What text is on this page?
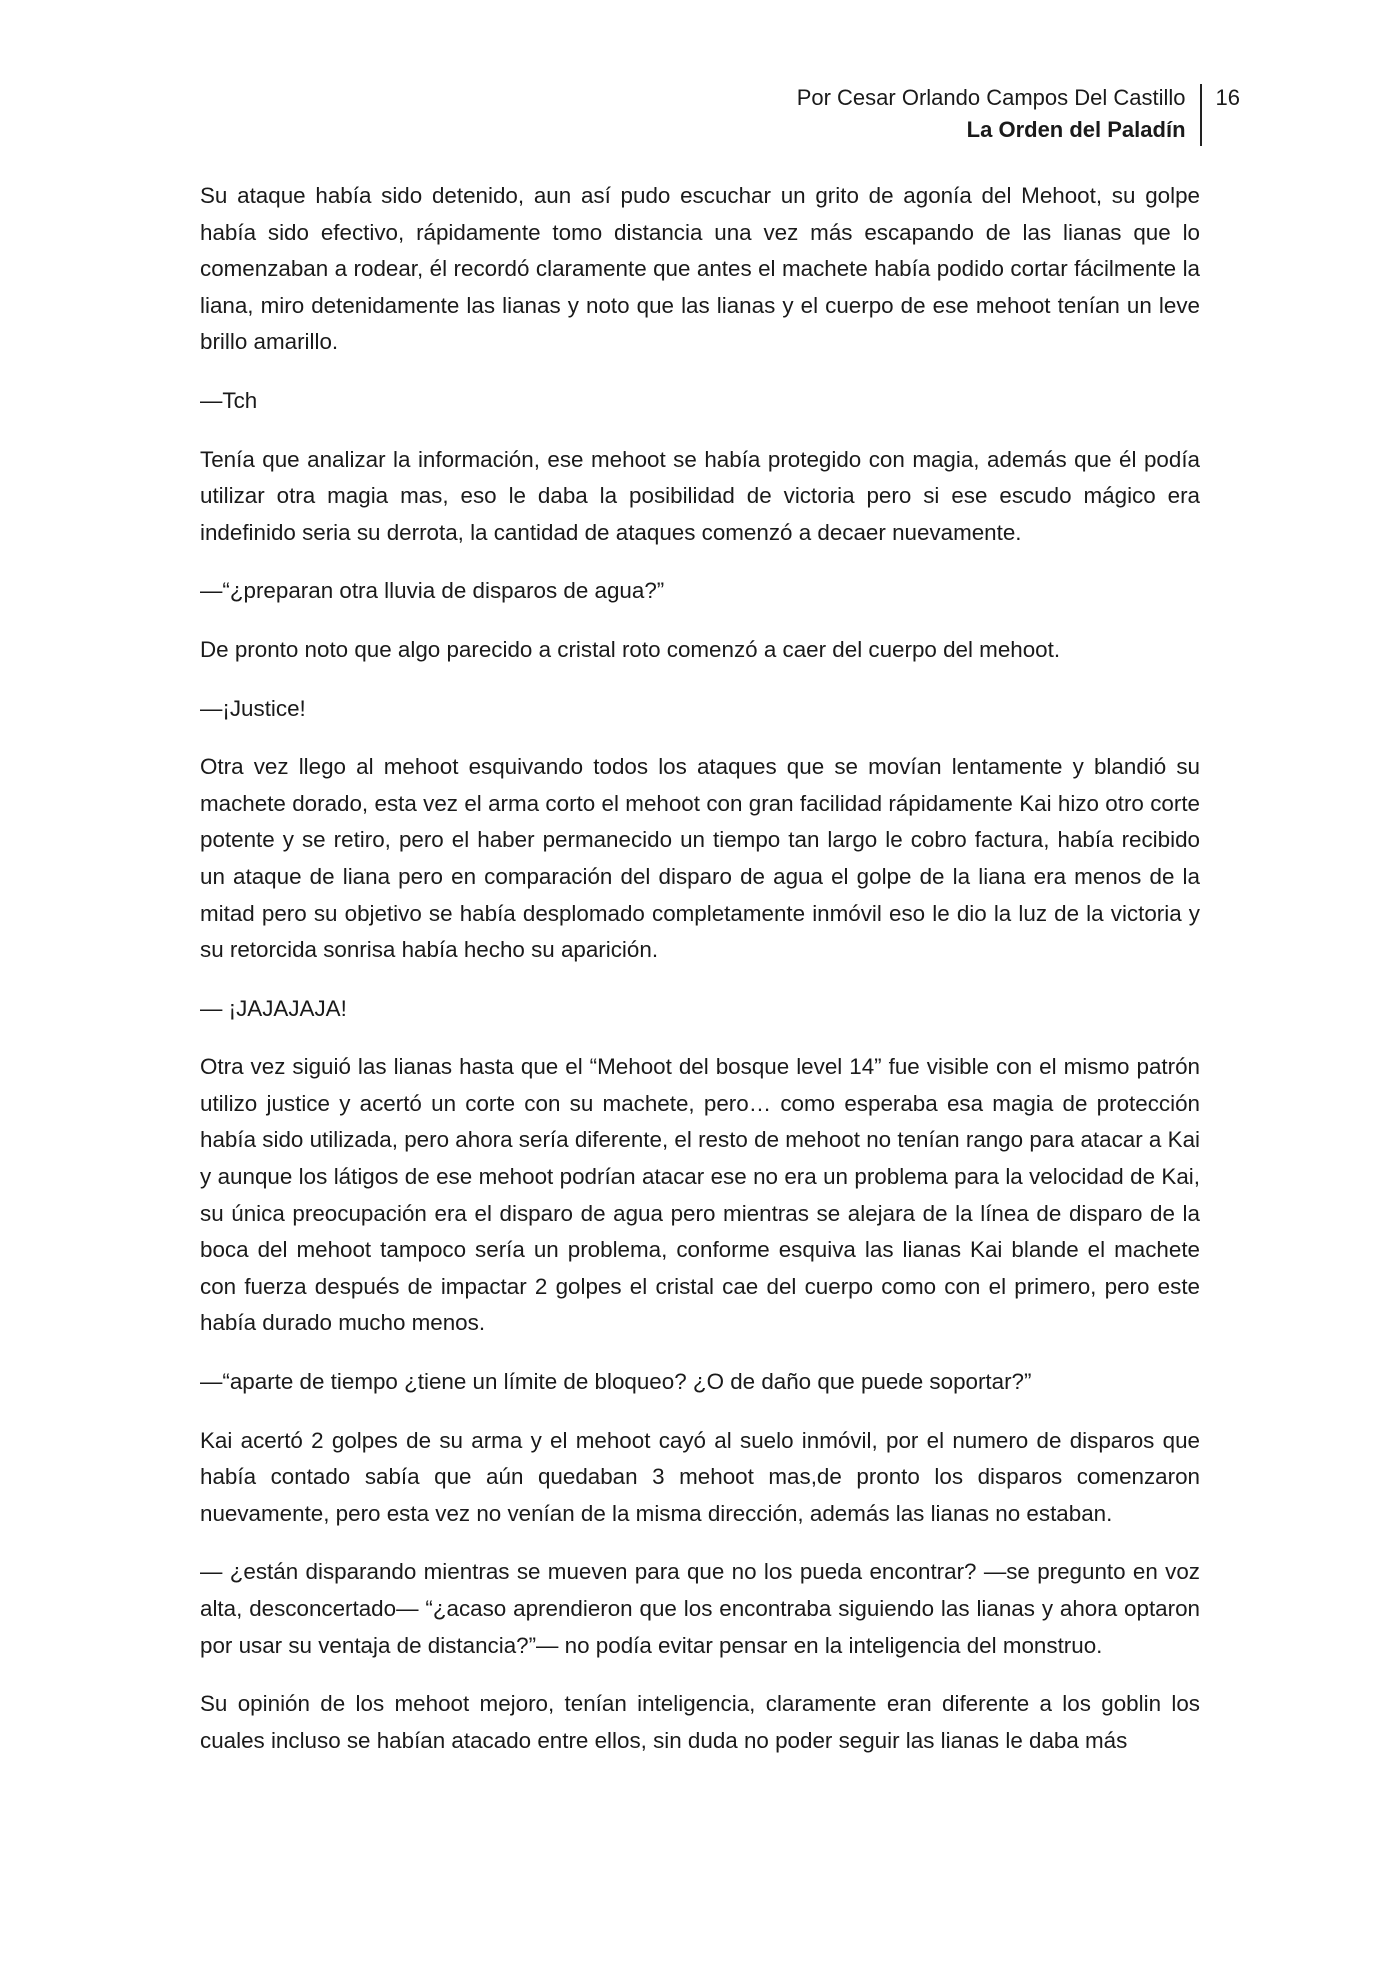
Por Cesar Orlando Campos Del Castillo
La Orden del Paladín
16

Su ataque había sido detenido, aun así pudo escuchar un grito de agonía del Mehoot, su golpe había sido efectivo, rápidamente tomo distancia una vez más escapando de las lianas que lo comenzaban a rodear, él recordó claramente que antes el machete había podido cortar fácilmente la liana, miro detenidamente las lianas y noto que las lianas y el cuerpo de ese mehoot tenían un leve brillo amarillo.

—Tch

Tenía que analizar la información, ese mehoot se había protegido con magia, además que él podía utilizar otra magia mas, eso le daba la posibilidad de victoria pero si ese escudo mágico era indefinido seria su derrota, la cantidad de ataques comenzó a decaer nuevamente.

—“¿preparan otra lluvia de disparos de agua?”

De pronto noto que algo parecido a cristal roto comenzó a caer del cuerpo del mehoot.

—¡Justice!

Otra vez llego al mehoot esquivando todos los ataques que se movían lentamente y blandió su machete dorado, esta vez el arma corto el mehoot con gran facilidad rápidamente Kai hizo otro corte potente y se retiro, pero el haber permanecido un tiempo tan largo le cobro factura, había recibido un ataque de liana pero en comparación del disparo de agua el golpe de la liana era menos de la mitad pero su objetivo se había desplomado completamente inmóvil eso le dio la luz de la victoria y su retorcida sonrisa había hecho su aparición.

— ¡JAJAJAJA!

Otra vez siguió las lianas hasta que el “Mehoot del bosque level 14” fue visible con el mismo patrón utilizo justice y acertó un corte con su machete, pero… como esperaba esa magia de protección había sido utilizada, pero ahora sería diferente, el resto de mehoot no tenían rango para atacar a Kai y aunque los látigos de ese mehoot podrían atacar ese no era un problema para la velocidad de Kai, su única preocupación era el disparo de agua pero mientras se alejara de la línea de disparo de la boca del mehoot tampoco sería un problema, conforme esquiva las lianas Kai blande el machete con fuerza después de impactar 2 golpes el cristal cae del cuerpo como con el primero, pero este había durado mucho menos.

—“aparte de tiempo ¿tiene un límite de bloqueo? ¿O de daño que puede soportar?”

Kai acertó 2 golpes de su arma y el mehoot cayó al suelo inmóvil, por el numero de disparos que había contado sabía que aún quedaban 3 mehoot mas,de pronto los disparos comenzaron nuevamente, pero esta vez no venían de la misma dirección, además las lianas no estaban.

— ¿están disparando mientras se mueven para que no los pueda encontrar? —se pregunto en voz alta, desconcertado— “¿acaso aprendieron que los encontraba siguiendo las lianas y ahora optaron por usar su ventaja de distancia?”— no podía evitar pensar en la inteligencia del monstruo.

Su opinión de los mehoot mejoro, tenían inteligencia, claramente eran diferente a los goblin los cuales incluso se habían atacado entre ellos, sin duda no poder seguir las lianas le daba más
